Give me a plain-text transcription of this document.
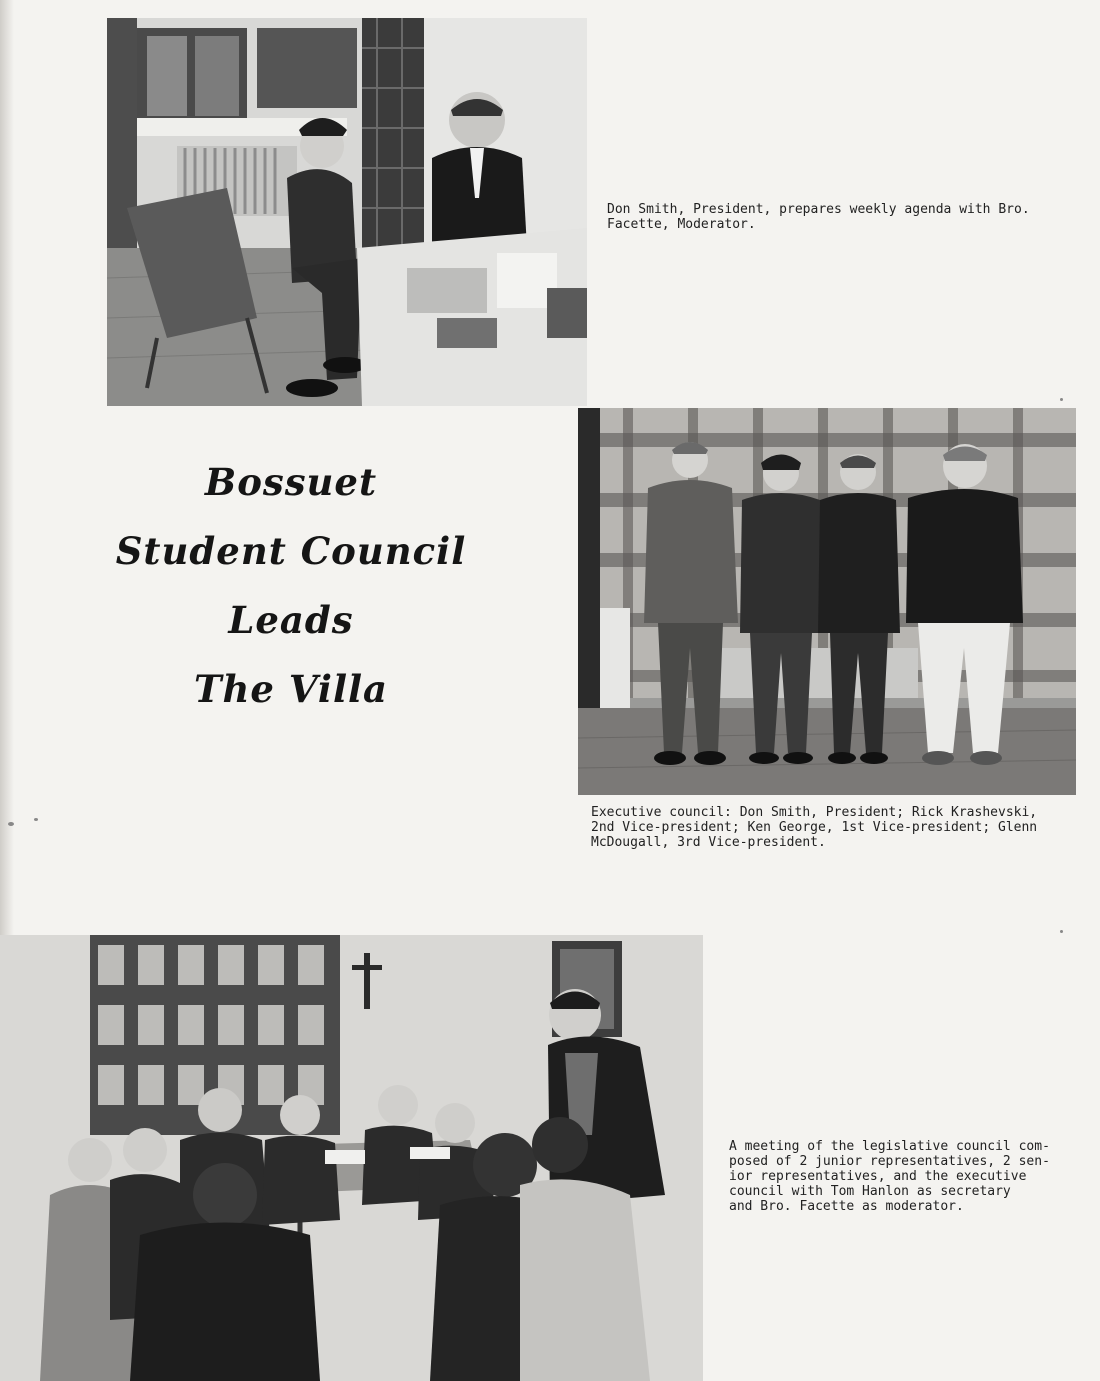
Don Smith, President, prepares weekly agenda with Bro.
Facette, Moderator.
Bossuet
Student Council
Leads
The Villa
Executive council: Don Smith, President; Rick Krashevski,
2nd Vice-president; Ken George, 1st Vice-president; Glenn
McDougall, 3rd Vice-president.
A meeting of the legislative council com-
posed of 2 junior representatives, 2 sen-
ior representatives, and the executive
council with Tom Hanlon as secretary
and Bro. Facette as moderator.
